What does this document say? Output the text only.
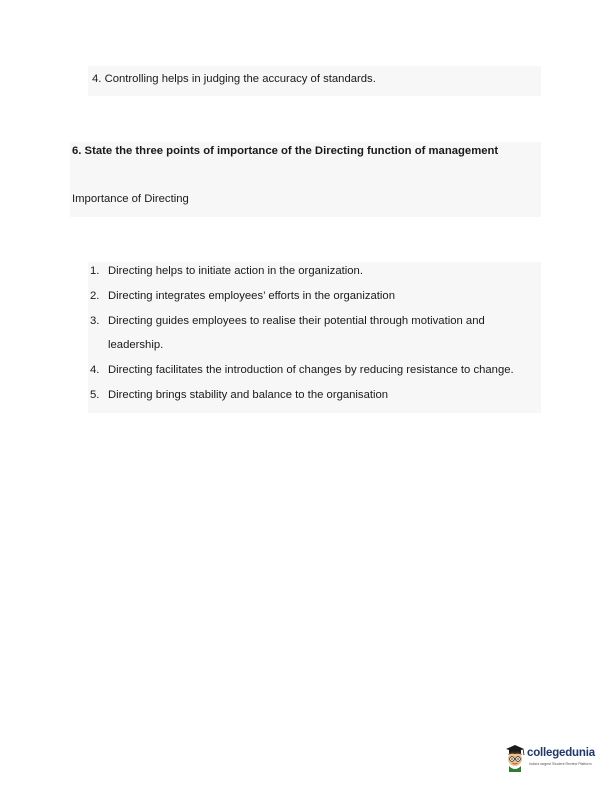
4. Controlling helps in judging the accuracy of standards.
6. State the three points of importance of the Directing function of management
Importance of Directing
1. Directing helps to initiate action in the organization.
2. Directing integrates employees’ efforts in the organization
3. Directing guides employees to realise their potential through motivation and
leadership.
4. Directing facilitates the introduction of changes by reducing resistance to change.
5. Directing brings stability and balance to the organisation
collegedunia
India's largest Student Review Platform
